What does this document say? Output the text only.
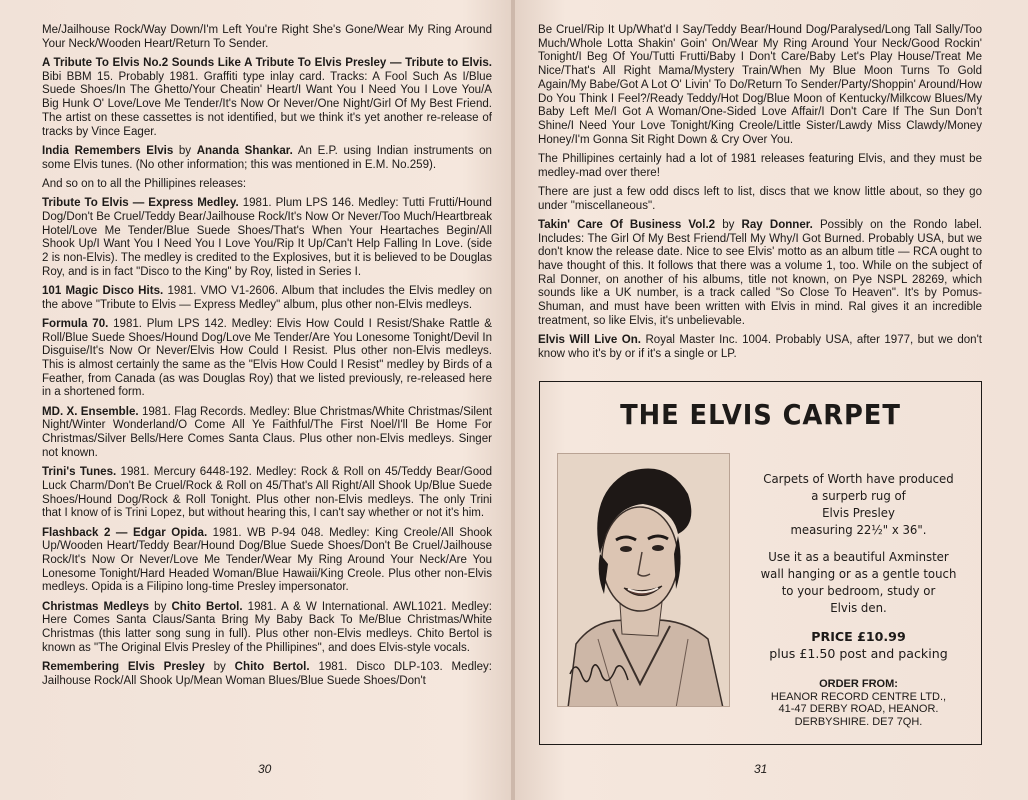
Me/Jailhouse Rock/Way Down/I'm Left You're Right She's Gone/Wear My Ring Around Your Neck/Wooden Heart/Return To Sender.

A Tribute To Elvis No.2 Sounds Like A Tribute To Elvis Presley — Tribute to Elvis. Bibi BBM 15. Probably 1981. Graffiti type inlay card. Tracks: A Fool Such As I/Blue Suede Shoes/In The Ghetto/Your Cheatin' Heart/I Want You I Need You I Love You/A Big Hunk O' Love/Love Me Tender/It's Now Or Never/One Night/Girl Of My Best Friend. The artist on these cassettes is not identified, but we think it's yet another re-release of tracks by Vince Eager.

India Remembers Elvis by Ananda Shankar. An E.P. using Indian instruments on some Elvis tunes. (No other information; this was mentioned in E.M. No.259).

And so on to all the Phillipines releases:

Tribute To Elvis — Express Medley. 1981. Plum LPS 146. Medley: Tutti Frutti/Hound Dog/Don't Be Cruel/Teddy Bear/Jailhouse Rock/It's Now Or Never/Too Much/Heartbreak Hotel/Love Me Tender/Blue Suede Shoes/That's When Your Heartaches Begin/All Shook Up/I Want You I Need You I Love You/Rip It Up/Can't Help Falling In Love. (side 2 is non-Elvis). The medley is credited to the Explosives, but it is believed to be Douglas Roy, and is in fact "Disco to the King" by Roy, listed in Series I.

101 Magic Disco Hits. 1981. VMO V1-2606. Album that includes the Elvis medley on the above "Tribute to Elvis — Express Medley" album, plus other non-Elvis medleys.

Formula 70. 1981. Plum LPS 142. Medley: Elvis How Could I Resist/Shake Rattle & Roll/Blue Suede Shoes/Hound Dog/Love Me Tender/Are You Lonesome Tonight/Devil In Disguise/It's Now Or Never/Elvis How Could I Resist. Plus other non-Elvis medleys. This is almost certainly the same as the "Elvis How Could I Resist" medley by Birds of a Feather, from Canada (as was Douglas Roy) that we listed previously, re-released here in a shortened form.

MD. X. Ensemble. 1981. Flag Records. Medley: Blue Christmas/White Christmas/Silent Night/Winter Wonderland/O Come All Ye Faithful/The First Noel/I'll Be Home For Christmas/Silver Bells/Here Comes Santa Claus. Plus other non-Elvis medleys. Singer not known.

Trini's Tunes. 1981. Mercury 6448-192. Medley: Rock & Roll on 45/Teddy Bear/Good Luck Charm/Don't Be Cruel/Rock & Roll on 45/That's All Right/All Shook Up/Blue Suede Shoes/Hound Dog/Rock & Roll Tonight. Plus other non-Elvis medleys. The only Trini that I know of is Trini Lopez, but without hearing this, I can't say whether or not it's him.

Flashback 2 — Edgar Opida. 1981. WB P-94 048. Medley: King Creole/All Shook Up/Wooden Heart/Teddy Bear/Hound Dog/Blue Suede Shoes/Don't Be Cruel/Jailhouse Rock/It's Now Or Never/Love Me Tender/Wear My Ring Around Your Neck/Are You Lonesome Tonight/Hard Headed Woman/Blue Hawaii/King Creole. Plus other non-Elvis medleys. Opida is a Filipino long-time Presley impersonator.

Christmas Medleys by Chito Bertol. 1981. A & W International. AWL1021. Medley: Here Comes Santa Claus/Santa Bring My Baby Back To Me/Blue Christmas/White Christmas (this latter song sung in full). Plus other non-Elvis medleys. Chito Bertol is known as "The Original Elvis Presley of the Phillipines", and does Elvis-style vocals.

Remembering Elvis Presley by Chito Bertol. 1981. Disco DLP-103. Medley: Jailhouse Rock/All Shook Up/Mean Woman Blues/Blue Suede Shoes/Don't

30

Be Cruel/Rip It Up/What'd I Say/Teddy Bear/Hound Dog/Paralysed/Long Tall Sally/Too Much/Whole Lotta Shakin' Goin' On/Wear My Ring Around Your Neck/Good Rockin' Tonight/I Beg Of You/Tutti Frutti/Baby I Don't Care/Baby Let's Play House/Treat Me Nice/That's All Right Mama/Mystery Train/When My Blue Moon Turns To Gold Again/My Babe/Got A Lot O' Livin' To Do/Return To Sender/Party/Shoppin' Around/How Do You Think I Feel?/Ready Teddy/Hot Dog/Blue Moon of Kentucky/Milkcow Blues/My Baby Left Me/I Got A Woman/One-Sided Love Affair/I Don't Care If The Sun Don't Shine/I Need Your Love Tonight/King Creole/Little Sister/Lawdy Miss Clawdy/Money Honey/I'm Gonna Sit Right Down & Cry Over You.

The Phillipines certainly had a lot of 1981 releases featuring Elvis, and they must be medley-mad over there!

There are just a few odd discs left to list, discs that we know little about, so they go under "miscellaneous".

Takin' Care Of Business Vol.2 by Ray Donner. Possibly on the Rondo label. Includes: The Girl Of My Best Friend/Tell My Why/I Got Burned. Probably USA, but we don't know the release date. Nice to see Elvis' motto as an album title — RCA ought to have thought of this. It follows that there was a volume 1, too. While on the subject of Ral Donner, on another of his albums, title not known, on Pye NSPL 28269, which sounds like a UK number, is a track called "So Close To Heaven". It's by Pomus-Shuman, and must have been written with Elvis in mind. Ral gives it an incredible treatment, so like Elvis, it's unbelievable.

Elvis Will Live On. Royal Master Inc. 1004. Probably USA, after 1977, but we don't know who it's by or if it's a single or LP.

31
THE ELVIS CARPET
Carpets of Worth have produced
a surperb rug of
Elvis Presley
measuring 22½" x 36".
Use it as a beautiful Axminster
wall hanging or as a gentle touch
to your bedroom, study or
Elvis den.
PRICE £10.99
plus £1.50 post and packing
ORDER FROM:
HEANOR RECORD CENTRE LTD.,
41-47 DERBY ROAD, HEANOR.
DERBYSHIRE. DE7 7QH.
